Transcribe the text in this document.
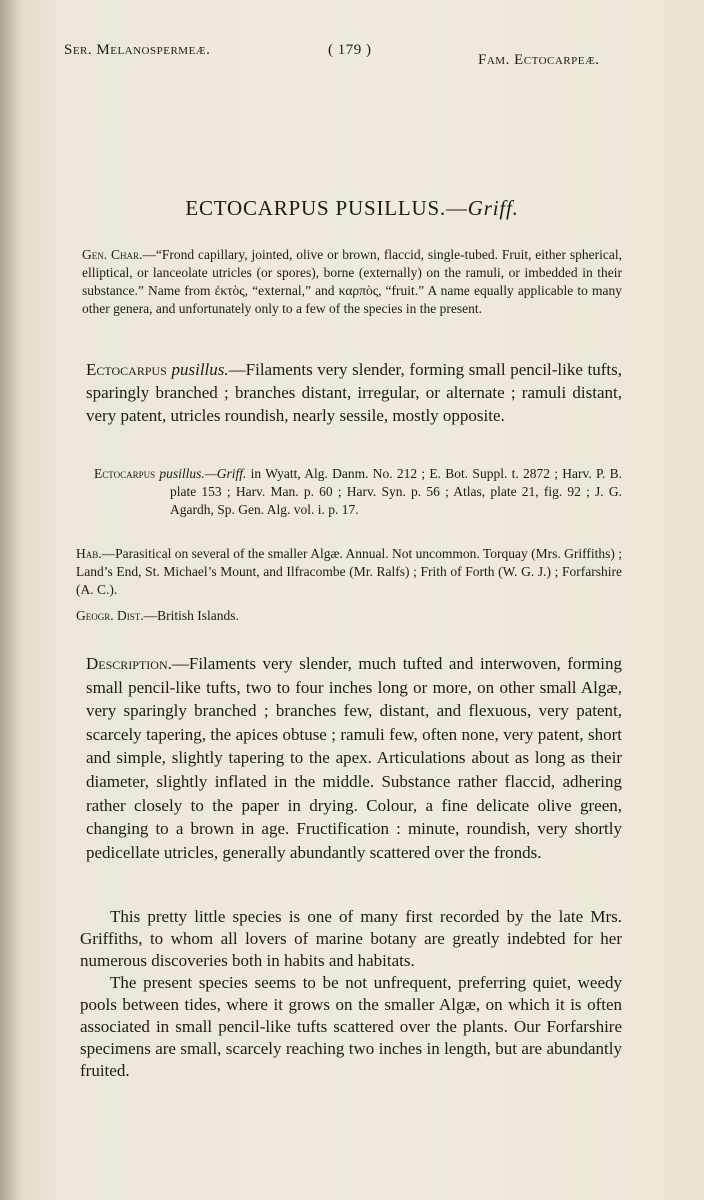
Ser. Melanospermeæ.	( 179 )
Fam. Ectocarpeæ.
ECTOCARPUS PUSILLUS.—Griff.
Gen. Char.—“Frond capillary, jointed, olive or brown, flaccid, single-tubed. Fruit, either spherical, elliptical, or lanceolate utricles (or spores), borne (externally) on the ramuli, or imbedded in their substance.” Name from ἐκτὸς, “external,” and καρπὸς, “fruit.” A name equally applicable to many other genera, and unfortunately only to a few of the species in the present.
Ectocarpus pusillus.—Filaments very slender, forming small pencil-like tufts, sparingly branched ; branches distant, irregular, or alternate ; ramuli distant, very patent, utricles roundish, nearly sessile, mostly opposite.
Ectocarpus pusillus.—Griff. in Wyatt, Alg. Danm. No. 212 ; E. Bot. Suppl. t. 2872 ; Harv. P. B. plate 153 ; Harv. Man. p. 60 ; Harv. Syn. p. 56 ; Atlas, plate 21, fig. 92 ; J. G. Agardh, Sp. Gen. Alg. vol. i. p. 17.
Hab.—Parasitical on several of the smaller Algæ. Annual. Not uncommon. Torquay (Mrs. Griffiths) ; Land’s End, St. Michael’s Mount, and Ilfracombe (Mr. Ralfs) ; Frith of Forth (W. G. J.) ; Forfarshire (A. C.).
Geogr. Dist.—British Islands.
Description.—Filaments very slender, much tufted and interwoven, forming small pencil-like tufts, two to four inches long or more, on other small Algæ, very sparingly branched ; branches few, distant, and flexuous, very patent, scarcely tapering, the apices obtuse ; ramuli few, often none, very patent, short and simple, slightly tapering to the apex. Articulations about as long as their diameter, slightly inflated in the middle. Substance rather flaccid, adhering rather closely to the paper in drying. Colour, a fine delicate olive green, changing to a brown in age. Fructification : minute, roundish, very shortly pedicellate utricles, generally abundantly scattered over the fronds.
This pretty little species is one of many first recorded by the late Mrs. Griffiths, to whom all lovers of marine botany are greatly indebted for her numerous discoveries both in habits and habitats.
The present species seems to be not unfrequent, preferring quiet, weedy pools between tides, where it grows on the smaller Algæ, on which it is often associated in small pencil-like tufts scattered over the plants. Our Forfarshire specimens are small, scarcely reaching two inches in length, but are abundantly fruited.
